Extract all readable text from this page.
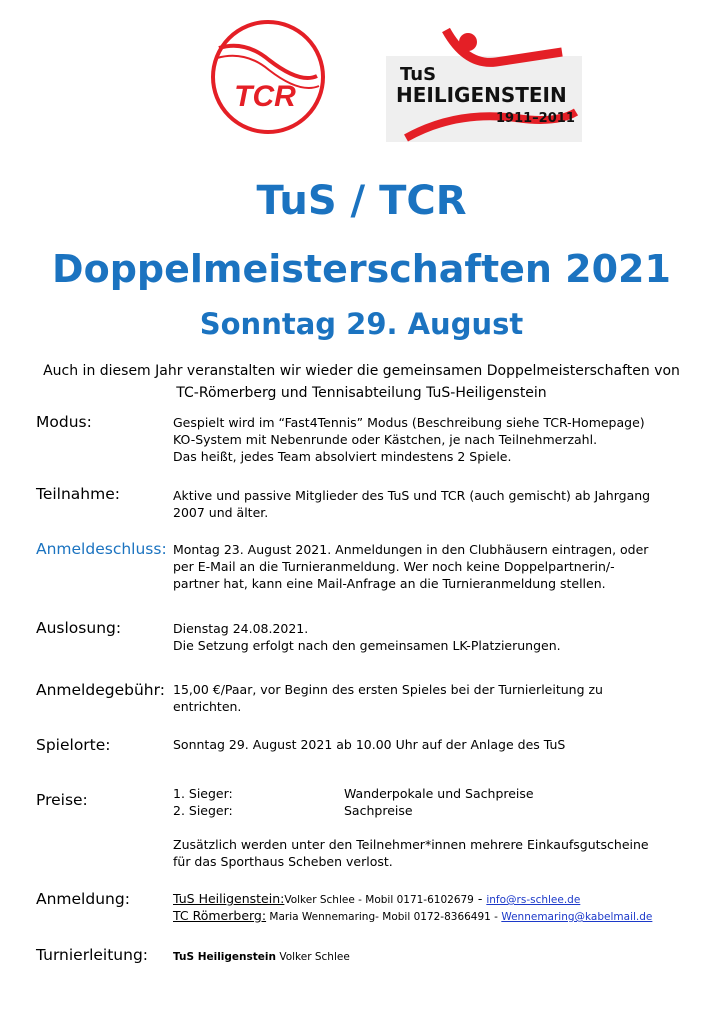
TCR
TuS
HEILIGENSTEIN
1911–2011
TuS / TCR
Doppelmeisterschaften 2021
Sonntag 29. August
Auch in diesem Jahr veranstalten wir wieder die gemeinsamen Doppelmeisterschaften von
TC-Römerberg und Tennisabteilung TuS-Heiligenstein
Modus:	Gespielt wird im “Fast4Tennis” Modus (Beschreibung siehe TCR-Homepage)
KO-System mit Nebenrunde oder Kästchen, je nach Teilnehmerzahl.
Das heißt, jedes Team absolviert mindestens 2 Spiele.
Teilnahme:	Aktive und passive Mitglieder des TuS und TCR (auch gemischt) ab Jahrgang
2007 und älter.
Anmeldeschluss: Montag 23. August 2021. Anmeldungen in den Clubhäusern eintragen, oder
per E-Mail an die Turnieranmeldung. Wer noch keine Doppelpartnerin/-
partner hat, kann eine Mail-Anfrage an die Turnieranmeldung stellen.
Auslosung:	Dienstag 24.08.2021.
Die Setzung erfolgt nach den gemeinsamen LK-Platzierungen.
Anmeldegebühr: 15,00 €/Paar, vor Beginn des ersten Spieles bei der Turnierleitung zu
entrichten.
Spielorte:	Sonntag 29. August 2021 ab 10.00 Uhr auf der Anlage des TuS
Preise:	1. Sieger:	Wanderpokale und Sachpreise
2. Sieger:	Sachpreise
Zusätzlich werden unter den Teilnehmer*innen mehrere Einkaufsgutscheine
für das Sporthaus Scheben verlost.
Anmeldung:	TuS Heiligenstein:Volker Schlee - Mobil 0171-6102679 - info@rs-schlee.de
TC Römerberg: Maria Wennemaring- Mobil 0172-8366491 - Wennemaring@kabelmail.de
Turnierleitung: TuS Heiligenstein Volker Schlee
